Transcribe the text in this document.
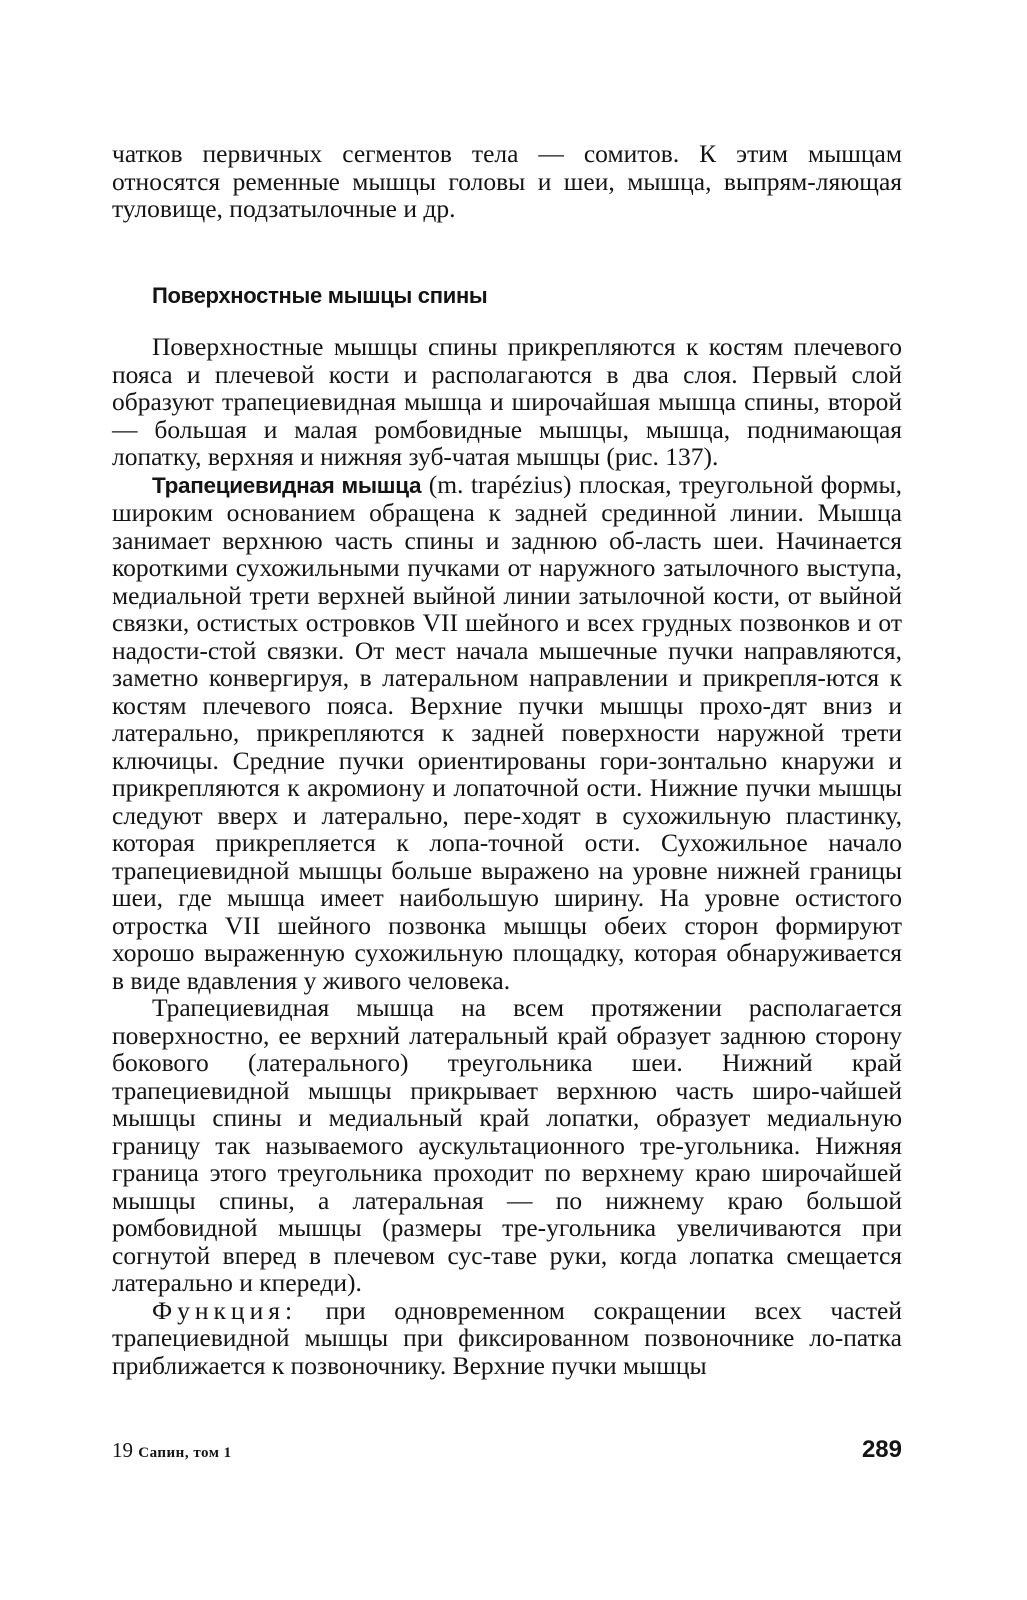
чатков первичных сегментов тела — сомитов. К этим мышцам относятся ременные мышцы головы и шеи, мышца, выпрям-ляющая туловище, подзатылочные и др.

Поверхностные мышцы спины

Поверхностные мышцы спины прикрепляются к костям плечевого пояса и плечевой кости и располагаются в два слоя. Первый слой образуют трапециевидная мышца и широчайшая мышца спины, второй — большая и малая ромбовидные мышцы, мышца, поднимающая лопатку, верхняя и нижняя зуб-чатая мышцы (рис. 137).

Трапециевидная мышца (m. trapézius) плоская, треугольной формы, широким основанием обращена к задней срединной линии. Мышца занимает верхнюю часть спины и заднюю об-ласть шеи. Начинается короткими сухожильными пучками от наружного затылочного выступа, медиальной трети верхней выйной линии затылочной кости, от выйной связки, остистых островков VII шейного и всех грудных позвонков и от надости-стой связки. От мест начала мышечные пучки направляются, заметно конвергируя, в латеральном направлении и прикрепля-ются к костям плечевого пояса. Верхние пучки мышцы прохо-дят вниз и латерально, прикрепляются к задней поверхности наружной трети ключицы. Средние пучки ориентированы гори-зонтально кнаружи и прикрепляются к акромиону и лопаточной ости. Нижние пучки мышцы следуют вверх и латерально, пере-ходят в сухожильную пластинку, которая прикрепляется к лопа-точной ости. Сухожильное начало трапециевидной мышцы больше выражено на уровне нижней границы шеи, где мышца имеет наибольшую ширину. На уровне остистого отростка VII шейного позвонка мышцы обеих сторон формируют хорошо выраженную сухожильную площадку, которая обнаруживается в виде вдавления у живого человека.

Трапециевидная мышца на всем протяжении располагается поверхностно, ее верхний латеральный край образует заднюю сторону бокового (латерального) треугольника шеи. Нижний край трапециевидной мышцы прикрывает верхнюю часть широ-чайшей мышцы спины и медиальный край лопатки, образует медиальную границу так называемого аускультационного тре-угольника. Нижняя граница этого треугольника проходит по верхнему краю широчайшей мышцы спины, а латеральная — по нижнему краю большой ромбовидной мышцы (размеры тре-угольника увеличиваются при согнутой вперед в плечевом сус-таве руки, когда лопатка смещается латерально и кпереди).

Функция: при одновременном сокращении всех частей трапециевидной мышцы при фиксированном позвоночнике ло-патка приближается к позвоночнику. Верхние пучки мышцы

19 Сапин, том 1	289
